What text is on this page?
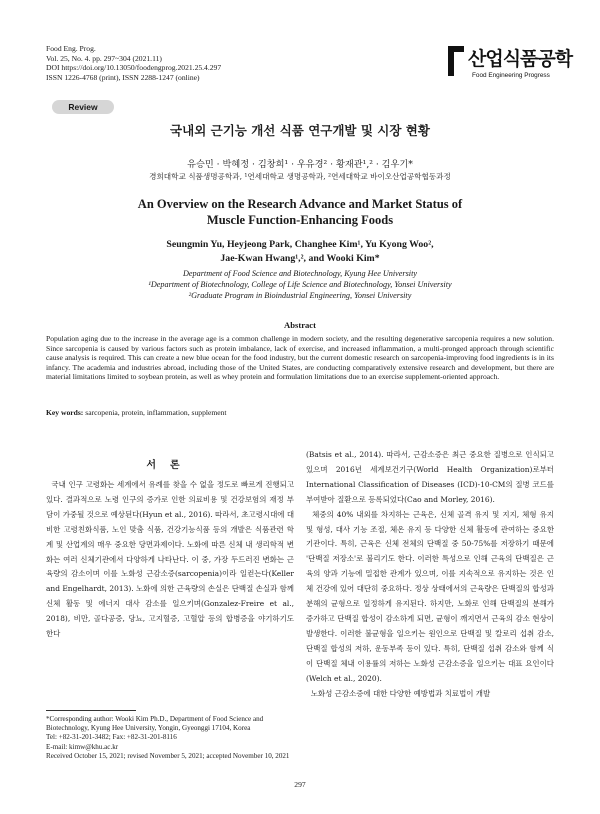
Food Eng. Prog.
Vol. 25, No. 4. pp. 297~304 (2021.11)
DOI https://doi.org/10.13050/foodengprog.2021.25.4.297
ISSN 1226-4768 (print), ISSN 2288-1247 (online)
산업식품공학
Food Engineering Progress
Review
국내외 근기능 개선 식품 연구개발 및 시장 현황
유승민 · 박혜정 · 김창희¹ · 우유경² · 황재관¹,² · 김우기*
경희대학교 식품생명공학과, ¹연세대학교 생명공학과, ²연세대학교 바이오산업공학협동과정
An Overview on the Research Advance and Market Status of
Muscle Function-Enhancing Foods
Seungmin Yu, Heyjeong Park, Changhee Kim¹, Yu Kyong Woo²,
Jae-Kwan Hwang¹,², and Wooki Kim*
Department of Food Science and Biotechnology, Kyung Hee University
¹Department of Biotechnology, College of Life Science and Biotechnology, Yonsei University
²Graduate Program in Bioindustrial Engineering, Yonsei University
Abstract

Population aging due to the increase in the average age is a common challenge in modern society, and the resulting degenerative sarcopenia requires a new solution. Since sarcopenia is caused by various factors such as protein imbalance, lack of exercise, and increased inflammation, a multi-pronged approach through scientific cause analysis is required. This can create a new blue ocean for the food industry, but the current domestic research on sarcopenia-improving food ingredients is in its infancy. The academia and industries abroad, including those of the United States, are conducting comparatively extensive research and development, but there are material limitations limited to soybean protein, as well as whey protein and formulation limitations due to an exercise supplement-oriented approach.

Key words: sarcopenia, protein, inflammation, supplement
서론

국내 인구 고령화는 세계에서 유례를 찾을 수 없을 정도로 빠르게 진행되고 있다. 결과적으로 노령 인구의 증가로 인한 의료비용 및 건강보험의 재정 부담이 가중될 것으로 예상된다(Hyun et al., 2016). 따라서, 초고령시대에 대비한 고령친화식품, 노인 맞춤 식품, 건강기능식품 등의 개발은 식품관련 학계 및 산업계의 매우 중요한 당면과제이다. 노화에 따른 신체 내 생리학적 변화는 여러 신체기관에서 다양하게 나타난다. 이 중, 가장 두드러진 변화는 근육량의 감소이며 이를 노화성 근감소증(sarcopenia)이라 일컫는다(Keller and Engelhardt, 2013). 노화에 의한 근육량의 손실은 단백질 손실과 함께 신체 활동 및 에너지 대사 감소를 일으키며(Gonzalez-Freire et al., 2018), 비만, 골다공증, 당뇨, 고지혈증, 고혈압 등의 합병증을 야기하기도 한다

(Batsis et al., 2014). 따라서, 근감소증은 최근 중요한 질병으로 인식되고 있으며 2016년 세계보건기구(World Health Organization)로부터 International Classification of Diseases (ICD)-10-CM의 질병 코드를 부여받아 질환으로 등록되었다(Cao and Morley, 2016).
체중의 40% 내외를 차지하는 근육은, 신체 골격 유지 및 지지, 체형 유지 및 형성, 대사 기능 조절, 체온 유지 등 다양한 신체 활동에 관여하는 중요한 기관이다. 특히, 근육은 신체 전체의 단백질 중 50-75%를 저장하기 때문에 '단백질 저장소'로 불리기도 한다. 이러한 특성으로 인해 근육의 단백질은 근육의 양과 기능에 밀접한 관계가 있으며, 이를 지속적으로 유지하는 것은 인체 건강에 있어 대단히 중요하다. 정상 상태에서의 근육량은 단백질의 합성과 분해의 균형으로 일정하게 유지된다. 하지만, 노화로 인해 단백질의 분해가 증가하고 단백질 합성이 감소하게 되면, 균형이 깨지면서 근육의 감소 현상이 발생한다. 이러한 불균형을 일으키는 원인으로 단백질 및 칼로리 섭취 감소, 단백질 합성의 저하, 운동부족 등이 있다. 특히, 단백질 섭취 감소와 함께 식이 단백질 체내 이용률의 저하는 노화성 근감소증을 일으키는 대표 요인이다(Welch et al., 2020).
노화성 근감소증에 대한 다양한 예방법과 치료법이 개발
*Corresponding author: Wooki Kim Ph.D., Department of Food Science and Biotechnology, Kyung Hee University, Yongin, Gyeonggi 17104, Korea
Tel: +82-31-201-3482; Fax: +82-31-201-8116
E-mail: kimw@khu.ac.kr
Received October 15, 2021; revised November 5, 2021; accepted November 10, 2021
297
